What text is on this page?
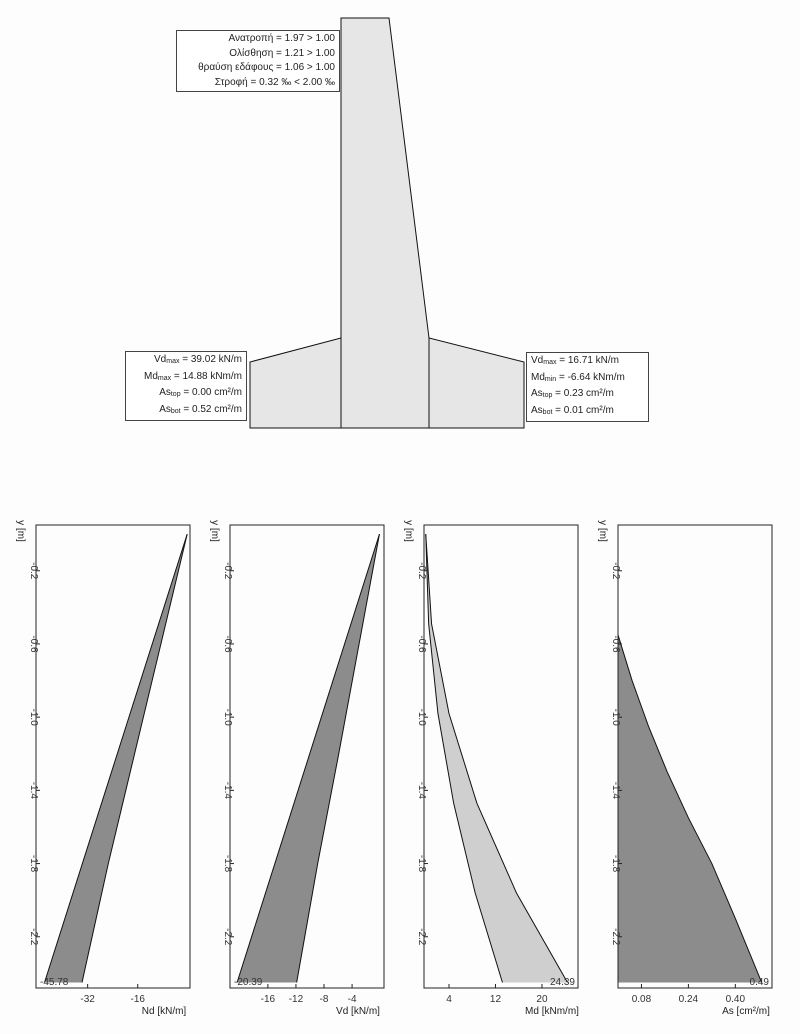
Ανατροπή = 1.97 > 1.00
Ολίσθηση = 1.21 > 1.00
θραύση εδάφους = 1.06 > 1.00
Στροφή = 0.32 ‰ < 2.00 ‰
$Vd_{max} = 39.02$ kN/m
$Md_{max} = 14.88$ kNm/m
$As_{top} = 0.00$ cm²/m
$As_{bot} = 0.52$ cm²/m
$Vd_{max} = 16.71$ kN/m
$Md_{min} = -6.64$ kNm/m
$As_{top} = 0.23$ cm²/m
$As_{bot} = 0.01$ cm²/m
-0.2
-0.6
-1.0
-1.4
-1.8
-2.2
-32	-16
-45.78
Nd [kN/m]
y [m]
-0.2
-0.6
-1.0
-1.4
-1.8
-2.2
-16 -12 -8 -4
-20.39
Vd [kN/m]
y [m]
-0.2
-0.6
-1.0
-1.4
-1.8
-2.2
4	12	20
24.39
Md [kNm/m]
y [m]
-0.2
-0.6
-1.0
-1.4
-1.8
-2.2
0.08	0.24	0.40
0.49
As [cm²/m]
y [m]
